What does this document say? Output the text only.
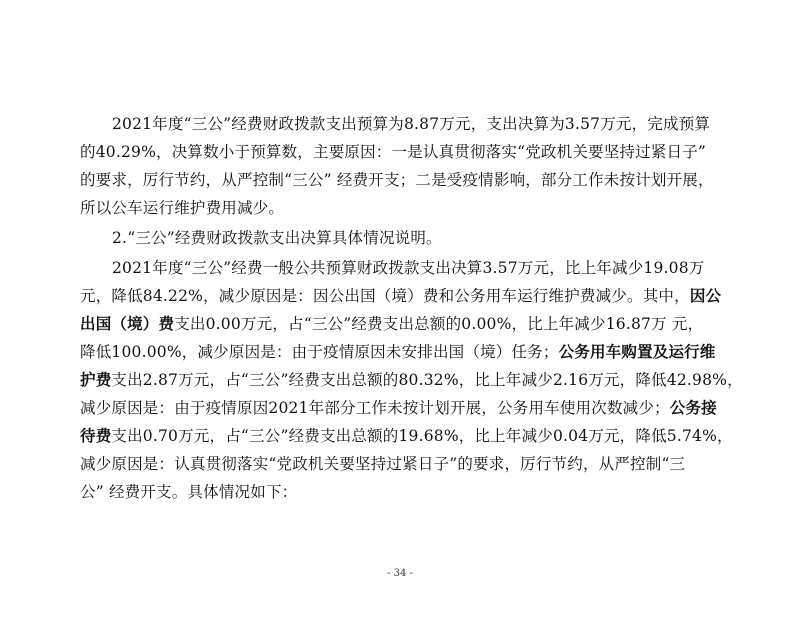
2021年度“三公”经费财政拨款支出预算为8.87万元，支出决算为3.57万元，完成预算
的40.29%，决算数小于预算数，主要原因：一是认真贯彻落实“党政机关要坚持过紧日子”
的要求，厉行节约，从严控制“三公” 经费开支；二是受疫情影响，部分工作未按计划开展，
所以公车运行维护费用减少。
2.“三公”经费财政拨款支出决算具体情况说明。
2021年度“三公”经费一般公共预算财政拨款支出决算3.57万元，比上年减少19.08万
元，降低84.22%，减少原因是：因公出国（境）费和公务用车运行维护费减少。其中，因公
出国（境）费支出0.00万元，占“三公”经费支出总额的0.00%，比上年减少16.87万 元，
降低100.00%，减少原因是：由于疫情原因未安排出国（境）任务；公务用车购置及运行维
护费支出2.87万元，占“三公”经费支出总额的80.32%，比上年减少2.16万元，降低42.98%，
减少原因是：由于疫情原因2021年部分工作未按计划开展，公务用车使用次数减少；公务接
待费支出0.70万元，占“三公”经费支出总额的19.68%，比上年减少0.04万元，降低5.74%，
减少原因是：认真贯彻落实“党政机关要坚持过紧日子”的要求，厉行节约，从严控制“三
公” 经费开支。具体情况如下：
- 34 -
